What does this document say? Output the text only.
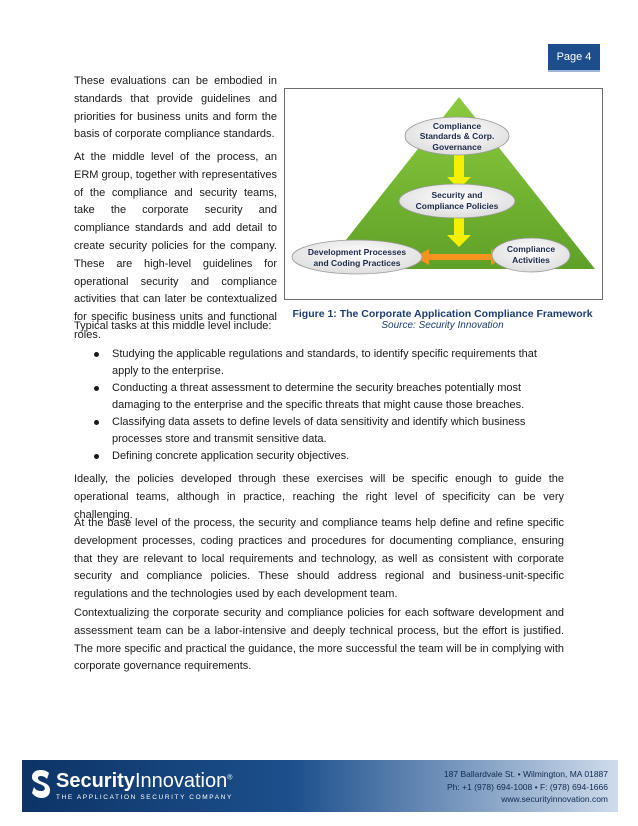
Page 4

These evaluations can be embodied in standards that provide guidelines and priorities for business units and form the basis of corporate compliance standards.

At the middle level of the process, an ERM group, together with representatives of the compliance and security teams, take the corporate security and compliance standards and add detail to create security policies for the company. These are high-level guidelines for operational security and compliance activities that can later be contextualized for specific business units and functional roles.

Typical tasks at this middle level include:

Compliance
Standards & Corp.
Governance
Security and
Compliance Policies
Development Processes
and Coding Practices
Compliance
Activities
Figure 1: The Corporate Application Compliance Framework
Source: Security Innovation
Studying the applicable regulations and standards, to identify specific requirements that apply to the enterprise.
Conducting a threat assessment to determine the security breaches potentially most damaging to the enterprise and the specific threats that might cause those breaches.
Classifying data assets to define levels of data sensitivity and identify which business processes store and transmit sensitive data.
Defining concrete application security objectives.

Ideally, the policies developed through these exercises will be specific enough to guide the operational teams, although in practice, reaching the right level of specificity can be very challenging.

At the base level of the process, the security and compliance teams help define and refine specific development processes, coding practices and procedures for documenting compliance, ensuring that they are relevant to local requirements and technology, as well as consistent with corporate security and compliance policies. These should address regional and business-unit-specific regulations and the technologies used by each development team.

Contextualizing the corporate security and compliance policies for each software development and assessment team can be a labor-intensive and deeply technical process, but the effort is justified. The more specific and practical the guidance, the more successful the team will be in complying with corporate governance requirements.

SecurityInnovation®
THE APPLICATION SECURITY COMPANY
187 Ballardvale St. • Wilmington, MA 01887
Ph: +1 (978) 694-1008 • F: (978) 694-1666
www.securityinnovation.com
